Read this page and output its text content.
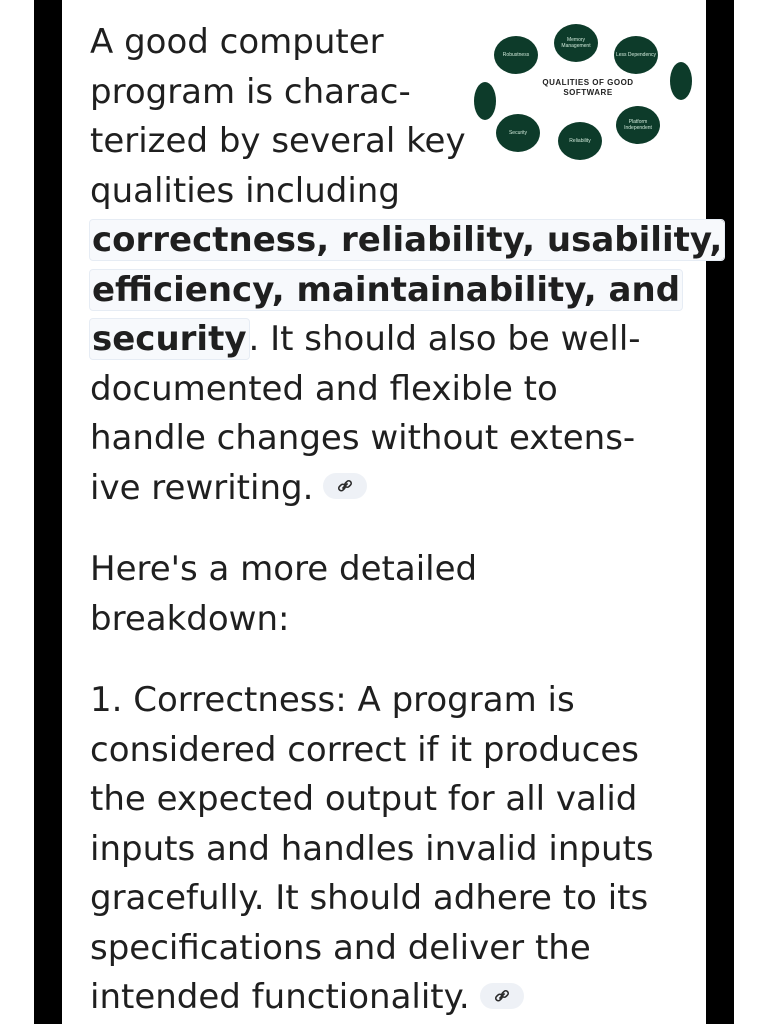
Robustness
Memory Management
Less Dependency
Security
Reliability
Platform Independent
QUALITIES OF GOOD SOFTWARE
A good computer
program is charac-
terized by several key
qualities including
correctness, reliability, usability,
efficiency, maintainability, and
security. It should also be well-
documented and flexible to
handle changes without extens-
ive rewriting.
Here's a more detailed
breakdown:
1. Correctness: A program is
considered correct if it produces
the expected output for all valid
inputs and handles invalid inputs
gracefully. It should adhere to its
specifications and deliver the
intended functionality.
